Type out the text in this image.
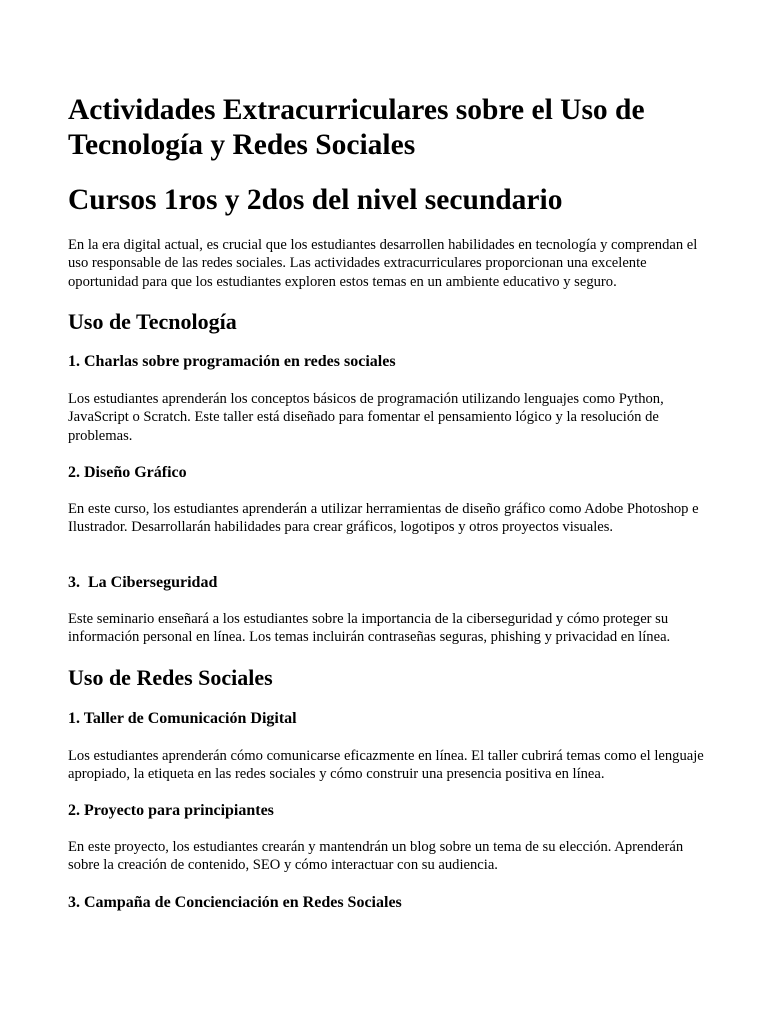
Actividades Extracurriculares sobre el Uso de Tecnología y Redes Sociales
Cursos 1ros y 2dos del nivel secundario

En la era digital actual, es crucial que los estudiantes desarrollen habilidades en tecnología y comprendan el uso responsable de las redes sociales. Las actividades extracurriculares proporcionan una excelente oportunidad para que los estudiantes exploren estos temas en un ambiente educativo y seguro.

Uso de Tecnología
1. Charlas sobre programación en redes sociales

Los estudiantes aprenderán los conceptos básicos de programación utilizando lenguajes como Python, JavaScript o Scratch. Este taller está diseñado para fomentar el pensamiento lógico y la resolución de problemas.

2. Diseño Gráfico

En este curso, los estudiantes aprenderán a utilizar herramientas de diseño gráfico como Adobe Photoshop e Ilustrador. Desarrollarán habilidades para crear gráficos, logotipos y otros proyectos visuales.

3.  La Ciberseguridad

Este seminario enseñará a los estudiantes sobre la importancia de la ciberseguridad y cómo proteger su información personal en línea. Los temas incluirán contraseñas seguras, phishing y privacidad en línea.

Uso de Redes Sociales
1. Taller de Comunicación Digital

Los estudiantes aprenderán cómo comunicarse eficazmente en línea. El taller cubrirá temas como el lenguaje apropiado, la etiqueta en las redes sociales y cómo construir una presencia positiva en línea.

2. Proyecto para principiantes

En este proyecto, los estudiantes crearán y mantendrán un blog sobre un tema de su elección. Aprenderán sobre la creación de contenido, SEO y cómo interactuar con su audiencia.

3. Campaña de Concienciación en Redes Sociales
